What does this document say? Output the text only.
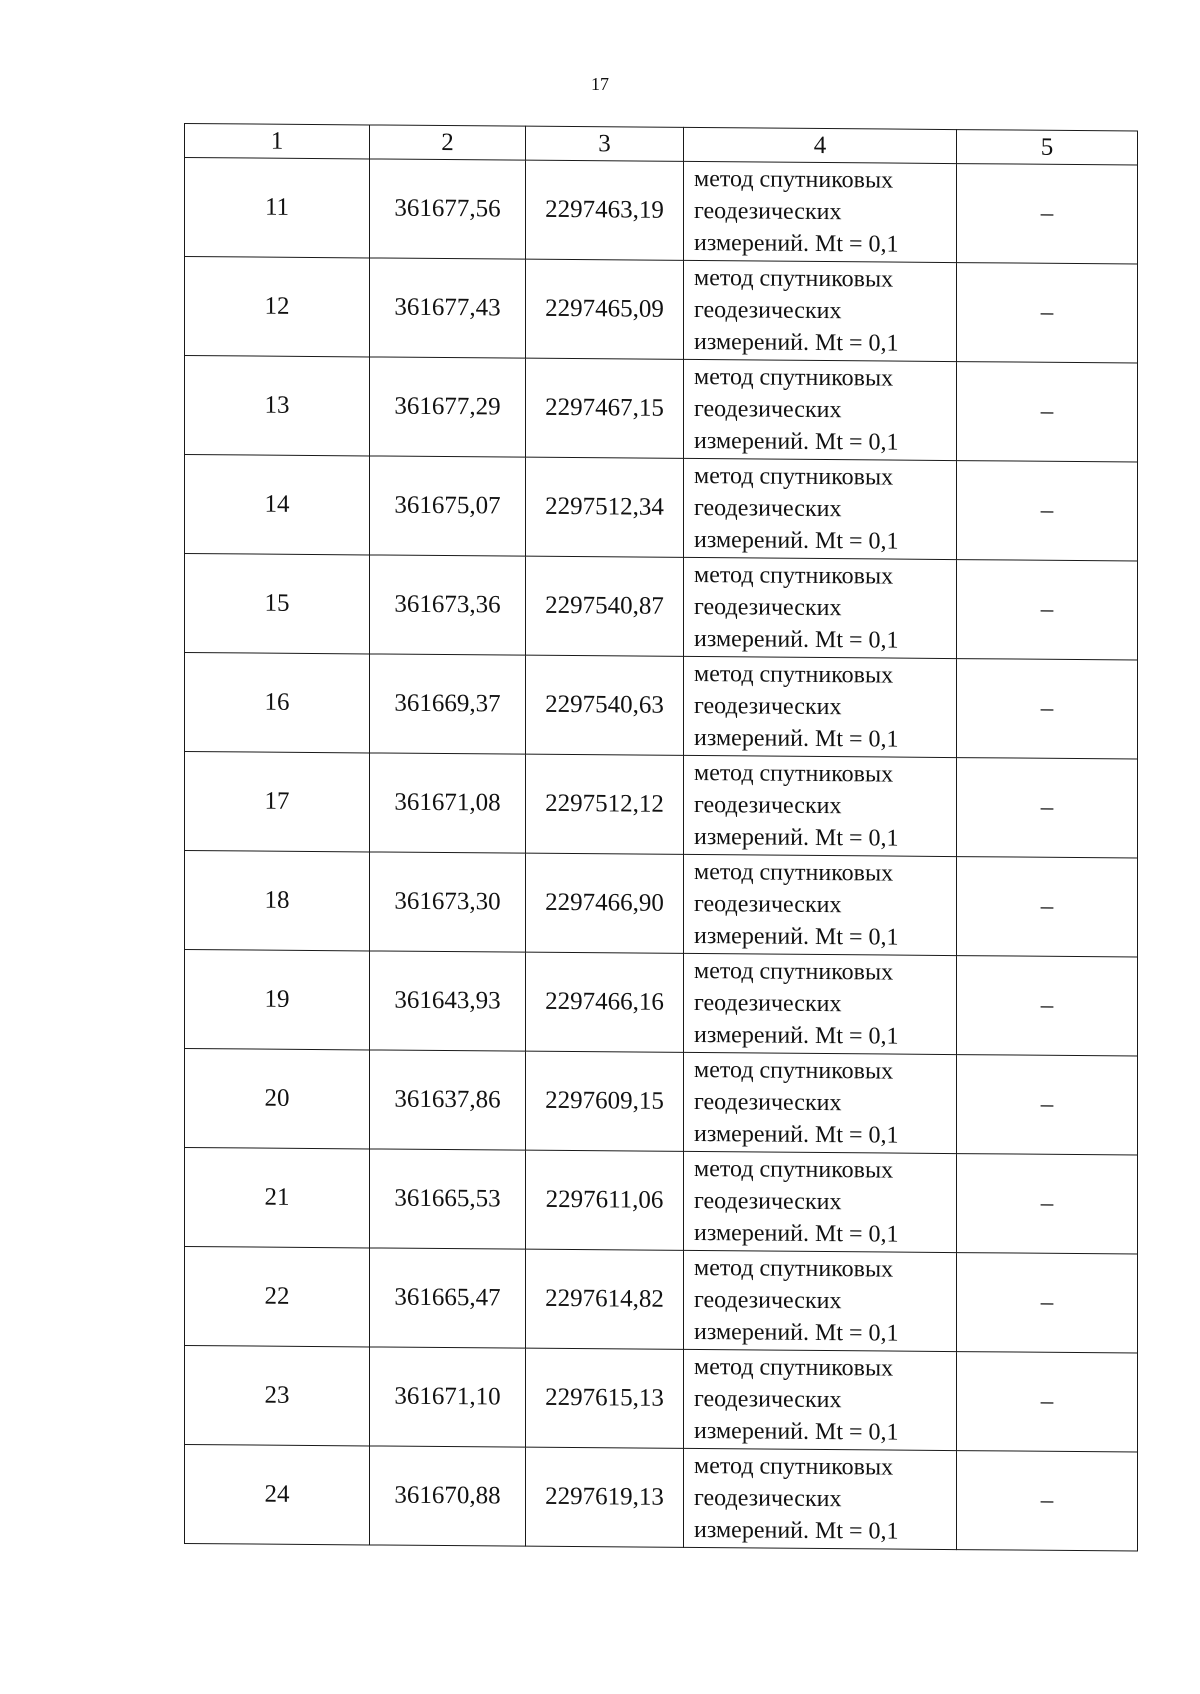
17
1	2	3	4	5
11	361677,56	2297463,19	метод спутниковых
геодезических
измерений. Mt = 0,1	–
12	361677,43	2297465,09	метод спутниковых
геодезических
измерений. Mt = 0,1	–
13	361677,29	2297467,15	метод спутниковых
геодезических
измерений. Mt = 0,1	–
14	361675,07	2297512,34	метод спутниковых
геодезических
измерений. Mt = 0,1	–
15	361673,36	2297540,87	метод спутниковых
геодезических
измерений. Mt = 0,1	–
16	361669,37	2297540,63	метод спутниковых
геодезических
измерений. Mt = 0,1	–
17	361671,08	2297512,12	метод спутниковых
геодезических
измерений. Mt = 0,1	–
18	361673,30	2297466,90	метод спутниковых
геодезических
измерений. Mt = 0,1	–
19	361643,93	2297466,16	метод спутниковых
геодезических
измерений. Mt = 0,1	–
20	361637,86	2297609,15	метод спутниковых
геодезических
измерений. Mt = 0,1	–
21	361665,53	2297611,06	метод спутниковых
геодезических
измерений. Mt = 0,1	–
22	361665,47	2297614,82	метод спутниковых
геодезических
измерений. Mt = 0,1	–
23	361671,10	2297615,13	метод спутниковых
геодезических
измерений. Mt = 0,1	–
24	361670,88	2297619,13	метод спутниковых
геодезических
измерений. Mt = 0,1	–
